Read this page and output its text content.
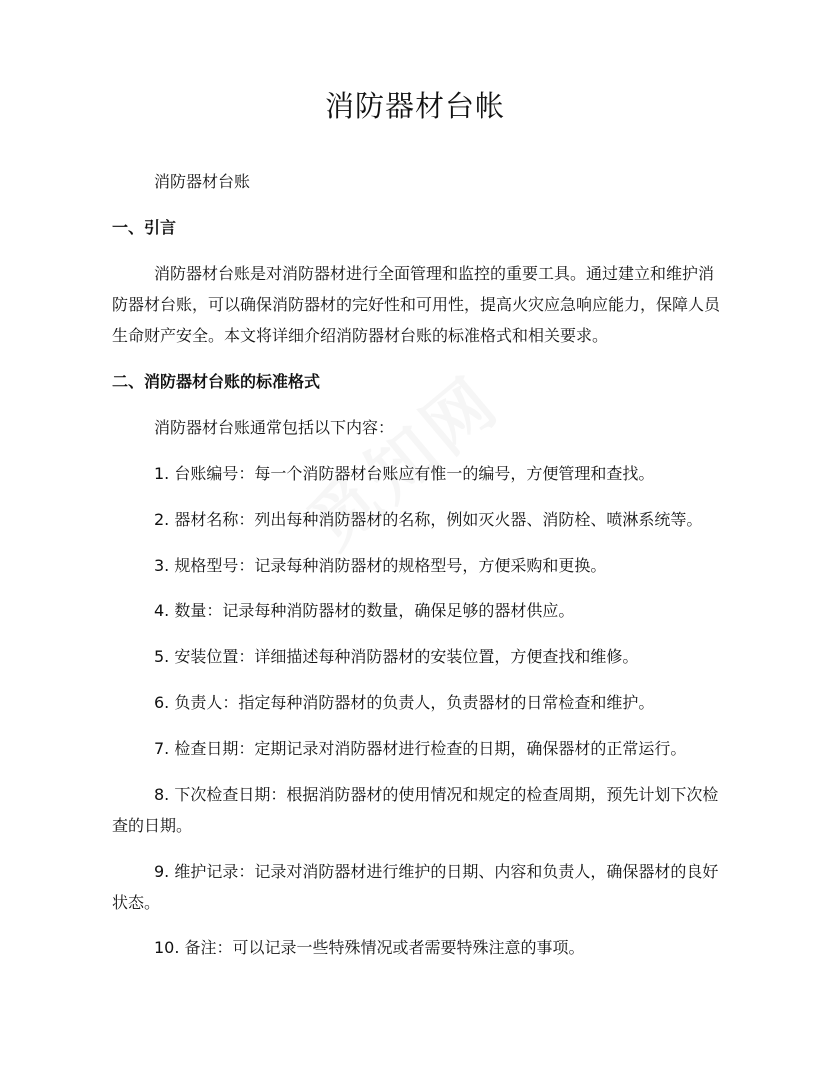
消防器材台帐

消防器材台账

一、引言

消防器材台账是对消防器材进行全面管理和监控的重要工具。通过建立和维护消防器材台账，可以确保消防器材的完好性和可用性，提高火灾应急响应能力，保障人员生命财产安全。本文将详细介绍消防器材台账的标准格式和相关要求。

二、消防器材台账的标准格式

消防器材台账通常包括以下内容：

1. 台账编号：每一个消防器材台账应有惟一的编号，方便管理和查找。

2. 器材名称：列出每种消防器材的名称，例如灭火器、消防栓、喷淋系统等。

3. 规格型号：记录每种消防器材的规格型号，方便采购和更换。

4. 数量：记录每种消防器材的数量，确保足够的器材供应。

5. 安装位置：详细描述每种消防器材的安装位置，方便查找和维修。

6. 负责人：指定每种消防器材的负责人，负责器材的日常检查和维护。

7. 检查日期：定期记录对消防器材进行检查的日期，确保器材的正常运行。

8. 下次检查日期：根据消防器材的使用情况和规定的检查周期，预先计划下次检查的日期。

9. 维护记录：记录对消防器材进行维护的日期、内容和负责人，确保器材的良好状态。

10. 备注：可以记录一些特殊情况或者需要特殊注意的事项。
